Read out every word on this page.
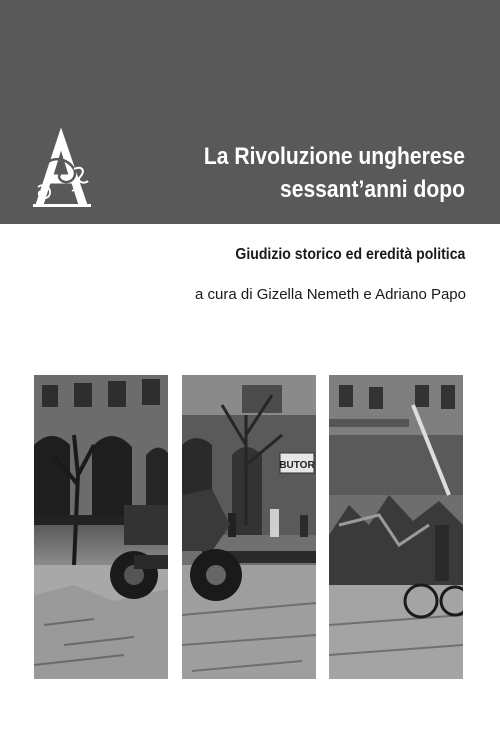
La Rivoluzione ungherese
sessant’anni dopo
Giudizio storico ed eredità politica
a cura di Gizella Nemeth e Adriano Papo
BUTOR
